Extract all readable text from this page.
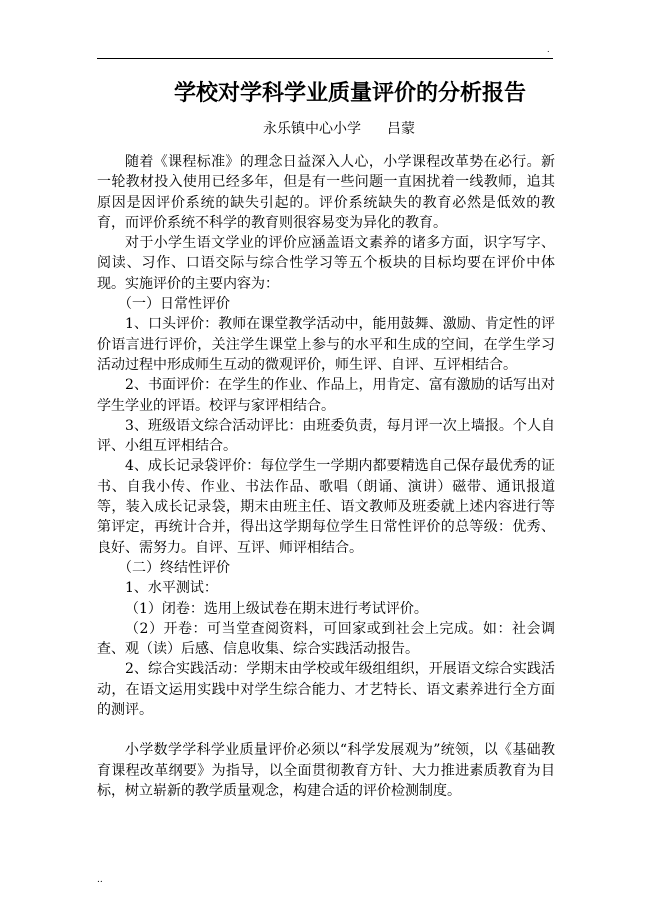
.
学校对学科学业质量评价的分析报告
永乐镇中心小学 吕蒙

随着《课程标准》的理念日益深入人心，小学课程改革势在必行。新一轮教材投入使用已经多年，但是有一些问题一直困扰着一线教师，追其原因是因评价系统的缺失引起的。评价系统缺失的教育必然是低效的教育，而评价系统不科学的教育则很容易变为异化的教育。

对于小学生语文学业的评价应涵盖语文素养的诸多方面，识字写字、阅读、习作、口语交际与综合性学习等五个板块的目标均要在评价中体现。实施评价的主要内容为：

（一）日常性评价

1、口头评价：教师在课堂教学活动中，能用鼓舞、激励、肯定性的评价语言进行评价，关注学生课堂上参与的水平和生成的空间，在学生学习活动过程中形成师生互动的微观评价，师生评、自评、互评相结合。

2、书面评价：在学生的作业、作品上，用肯定、富有激励的话写出对学生学业的评语。校评与家评相结合。

3、班级语文综合活动评比：由班委负责，每月评一次上墙报。个人自评、小组互评相结合。

4、成长记录袋评价：每位学生一学期内都要精选自己保存最优秀的证书、自我小传、作业、书法作品、歌唱（朗诵、演讲）磁带、通讯报道等，装入成长记录袋，期末由班主任、语文教师及班委就上述内容进行等第评定，再统计合并，得出这学期每位学生日常性评价的总等级：优秀、良好、需努力。自评、互评、师评相结合。

（二）终结性评价

1、水平测试：

（1）闭卷：选用上级试卷在期末进行考试评价。

（2）开卷：可当堂查阅资料，可回家或到社会上完成。如：社会调查、观（读）后感、信息收集、综合实践活动报告。

2、综合实践活动：学期末由学校或年级组组织，开展语文综合实践活动，在语文运用实践中对学生综合能力、才艺特长、语文素养进行全方面的测评。

小学数学学科学业质量评价必须以“科学发展观为”统领，以《基础教育课程改革纲要》为指导，以全面贯彻教育方针、大力推进素质教育为目标，树立崭新的教学质量观念，构建合适的评价检测制度。

..
